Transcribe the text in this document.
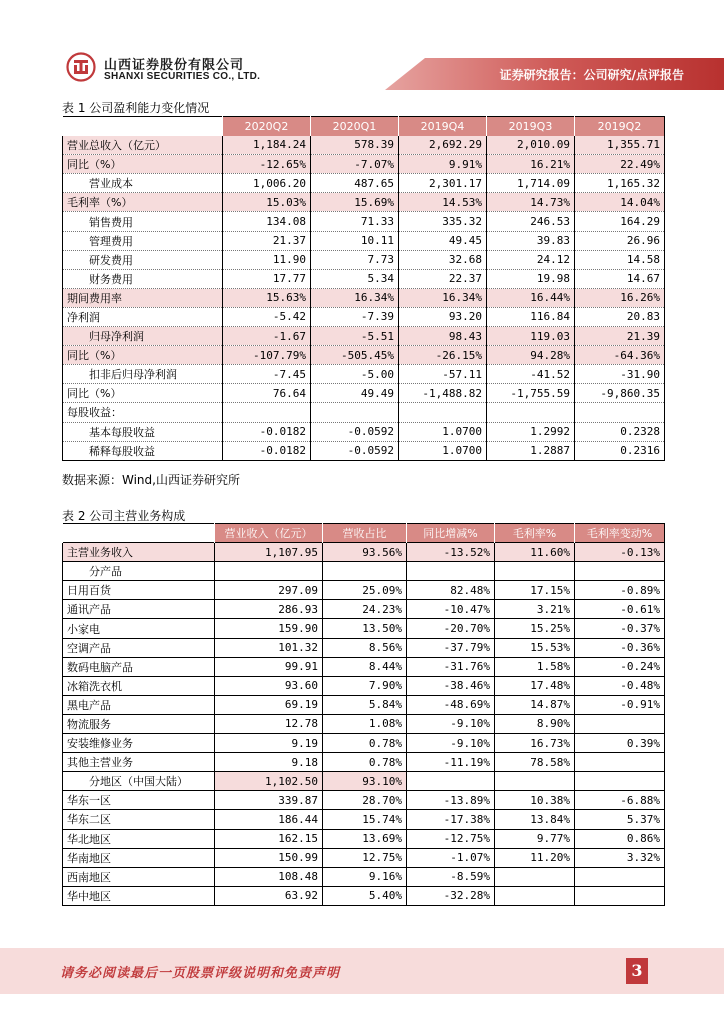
山西证券股份有限公司
SHANXI SECURITIES CO., LTD.	证券研究报告：公司研究/点评报告
表 1 公司盈利能力变化情况
	2020Q2	2020Q1	2019Q4	2019Q3	2019Q2
营业总收入（亿元）	1,184.24	578.39	2,692.29	2,010.09	1,355.71
同比（%）	-12.65%	-7.07%	9.91%	16.21%	22.49%
营业成本	1,006.20	487.65	2,301.17	1,714.09	1,165.32
毛利率（%）	15.03%	15.69%	14.53%	14.73%	14.04%
销售费用	134.08	71.33	335.32	246.53	164.29
管理费用	21.37	10.11	49.45	39.83	26.96
研发费用	11.90	7.73	32.68	24.12	14.58
财务费用	17.77	5.34	22.37	19.98	14.67
期间费用率	15.63%	16.34%	16.34%	16.44%	16.26%
净利润	-5.42	-7.39	93.20	116.84	20.83
归母净利润	-1.67	-5.51	98.43	119.03	21.39
同比（%）	-107.79%	-505.45%	-26.15%	94.28%	-64.36%
扣非后归母净利润	-7.45	-5.00	-57.11	-41.52	-31.90
同比（%）	76.64	49.49	-1,488.82	-1,755.59	-9,860.35
每股收益：					
基本每股收益	-0.0182	-0.0592	1.0700	1.2992	0.2328
稀释每股收益	-0.0182	-0.0592	1.0700	1.2887	0.2316
数据来源：Wind,山西证券研究所
表 2 公司主营业务构成
	营业收入（亿元）	营收占比	同比增减%	毛利率%	毛利率变动%
主营业务收入	1,107.95	93.56%	-13.52%	11.60%	-0.13%
分产品					
日用百货	297.09	25.09%	82.48%	17.15%	-0.89%
通讯产品	286.93	24.23%	-10.47%	3.21%	-0.61%
小家电	159.90	13.50%	-20.70%	15.25%	-0.37%
空调产品	101.32	8.56%	-37.79%	15.53%	-0.36%
数码电脑产品	99.91	8.44%	-31.76%	1.58%	-0.24%
冰箱洗衣机	93.60	7.90%	-38.46%	17.48%	-0.48%
黑电产品	69.19	5.84%	-48.69%	14.87%	-0.91%
物流服务	12.78	1.08%	-9.10%	8.90%	
安装维修业务	9.19	0.78%	-9.10%	16.73%	0.39%
其他主营业务	9.18	0.78%	-11.19%	78.58%	
分地区（中国大陆）	1,102.50	93.10%			
华东一区	339.87	28.70%	-13.89%	10.38%	-6.88%
华东二区	186.44	15.74%	-17.38%	13.84%	5.37%
华北地区	162.15	13.69%	-12.75%	9.77%	0.86%
华南地区	150.99	12.75%	-1.07%	11.20%	3.32%
西南地区	108.48	9.16%	-8.59%		
华中地区	63.92	5.40%	-32.28%		
请务必阅读最后一页股票评级说明和免责声明	3
